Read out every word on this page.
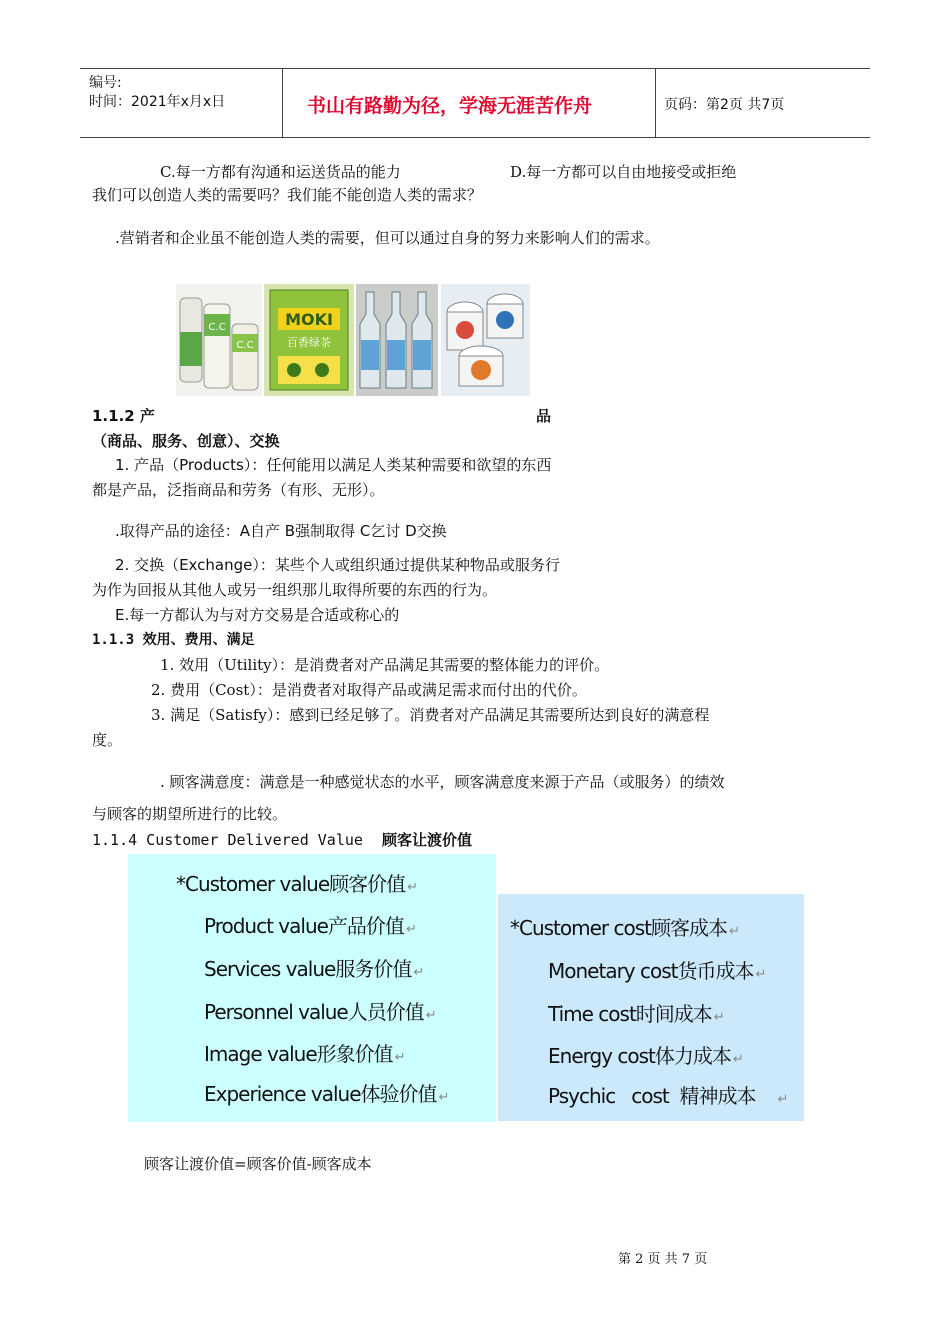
编号:
时间：2021年x月x日	书山有路勤为径，学海无涯苦作舟	页码：第2页 共7页
C.每一方都有沟通和运送货品的能力	D.每一方都可以自由地接受或拒绝
我们可以创造人类的需要吗？我们能不能创造人类的需求？
.营销者和企业虽不能创造人类的需要，但可以通过自身的努力来影响人们的需求。
C.C
C.C
MOKI
百香绿茶
1.1.2 产	品
（商品、服务、创意）、交换
1. 产品（Products）：任何能用以满足人类某种需要和欲望的东西
都是产品，泛指商品和劳务（有形、无形）。
.取得产品的途径：A自产 B强制取得 C乞讨 D交换
2. 交换（Exchange）：某些个人或组织通过提供某种物品或服务行
为作为回报从其他人或另一组织那儿取得所要的东西的行为。
E.每一方都认为与对方交易是合适或称心的
1.1.3 效用、费用、满足
1. 效用（Utility）：是消费者对产品满足其需要的整体能力的评价。
2. 费用（Cost）：是消费者对取得产品或满足需求而付出的代价。
3. 满足（Satisfy）：感到已经足够了。消费者对产品满足其需要所达到良好的满意程
度。
. 顾客满意度：满意是一种感觉状态的水平，顾客满意度来源于产品（或服务）的绩效
与顾客的期望所进行的比较。
1.1.4 Customer Delivered Value 顾客让渡价值
*Customer value顾客价值 ↵
Product value产品价值 ↵
Services value服务价值 ↵
Personnel value人员价值 ↵
Image value形象价值 ↵
Experience value体验价值 ↵
*Customer cost顾客成本 ↵
Monetary cost货币成本 ↵
Time cost时间成本 ↵
Energy cost体力成本 ↵
Psychic   cost  精神成本 ↵
顾客让渡价值=顾客价值-顾客成本
第 2 页 共 7 页
